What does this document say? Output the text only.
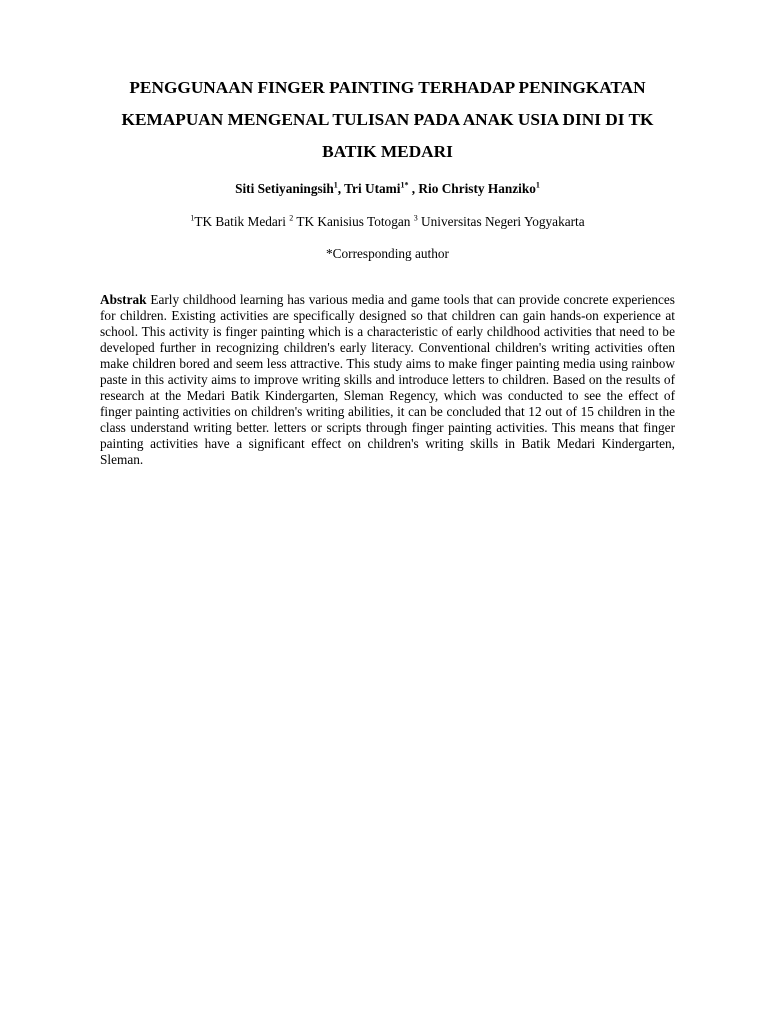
PENGGUNAAN FINGER PAINTING TERHADAP PENINGKATAN KEMAPUAN MENGENAL TULISAN PADA ANAK USIA DINI DI TK BATIK MEDARI
Siti Setiyaningsih$^1$, Tri Utami$^{1*}$ , Rio Christy Hanziko$^1$
$^1$TK Batik Medari $^2$ TK Kanisius Totogan $^3$ Universitas Negeri Yogyakarta
*Corresponding author

Abstrak Early childhood learning has various media and game tools that can provide concrete experiences for children. Existing activities are specifically designed so that children can gain hands-on experience at school. This activity is finger painting which is a characteristic of early childhood activities that need to be developed further in recognizing children's early literacy. Conventional children's writing activities often make children bored and seem less attractive. This study aims to make finger painting media using rainbow paste in this activity aims to improve writing skills and introduce letters to children. Based on the results of research at the Medari Batik Kindergarten, Sleman Regency, which was conducted to see the effect of finger painting activities on children's writing abilities, it can be concluded that 12 out of 15 children in the class understand writing better. letters or scripts through finger painting activities. This means that finger painting activities have a significant effect on children's writing skills in Batik Medari Kindergarten, Sleman.
